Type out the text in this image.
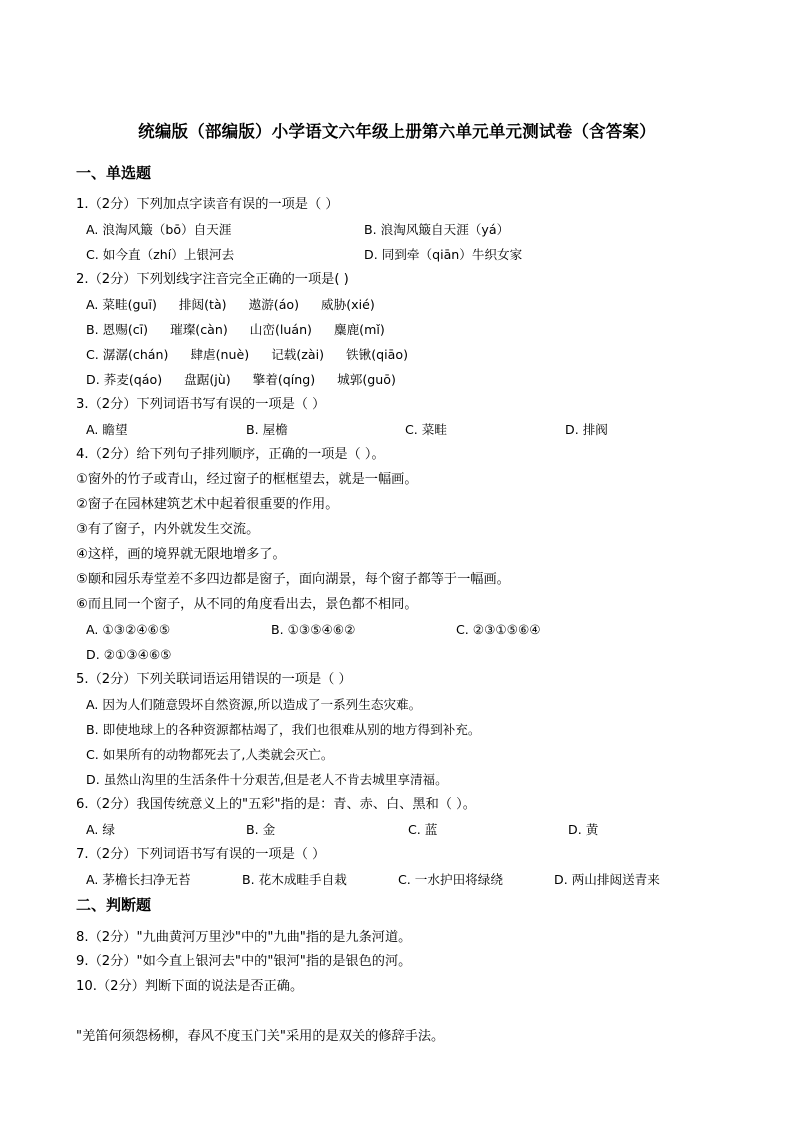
统编版（部编版）小学语文六年级上册第六单元单元测试卷（含答案）
一、单选题
1.（2分）下列加点字读音有误的一项是（ ）
A. 浪淘风簸（bō）自天涯	B. 浪淘风簸自天涯（yá）
C. 如今直（zhí）上银河去	D. 同到牵（qiān）牛织女家
2.（2分）下列划线字注音完全正确的一项是( )
A. 菜畦(guī) 排闼(tà) 遨游(áo) 威胁(xié)
B. 恩赐(cī) 璀璨(càn) 山峦(luán) 麋鹿(mǐ)
C. 潺潺(chán) 肆虐(nuè) 记载(zài) 铁锹(qiāo)
D. 荞麦(qáo) 盘踞(jù) 擎着(qíng) 城郭(guō)
3.（2分）下列词语书写有误的一项是（ ）
A. 瞻望	B. 屋檐	C. 菜畦	D. 排阀
4.（2分）给下列句子排列顺序，正确的一项是（ ）。
①窗外的竹子或青山，经过窗子的框框望去，就是一幅画。
②窗子在园林建筑艺术中起着很重要的作用。
③有了窗子，内外就发生交流。
④这样，画的境界就无限地增多了。
⑤颐和园乐寿堂差不多四边都是窗子，面向湖景，每个窗子都等于一幅画。
⑥而且同一个窗子，从不同的角度看出去，景色都不相同。
A. ①③②④⑥⑤	B. ①③⑤④⑥②	C. ②③①⑤⑥④
D. ②①③④⑥⑤
5.（2分）下列关联词语运用错误的一项是（ ）
A. 因为人们随意毁坏自然资源,所以造成了一系列生态灾难。
B. 即使地球上的各种资源都枯竭了，我们也很难从别的地方得到补充。
C. 如果所有的动物都死去了,人类就会灭亡。
D. 虽然山沟里的生活条件十分艰苦,但是老人不肯去城里享清福。
6.（2分）我国传统意义上的"五彩"指的是：青、赤、白、黑和（ ）。
A. 绿	B. 金	C. 蓝	D. 黄
7.（2分）下列词语书写有误的一项是（ ）
A. 茅檐长扫净无苔	B. 花木成畦手自栽	C. 一水护田将绿绕	D. 两山排闼送青来
二、判断题
8.（2分）"九曲黄河万里沙"中的"九曲"指的是九条河道。
9.（2分）"如今直上银河去"中的"银河"指的是银色的河。
10.（2分）判断下面的说法是否正确。
"羌笛何须怨杨柳，春风不度玉门关"采用的是双关的修辞手法。
